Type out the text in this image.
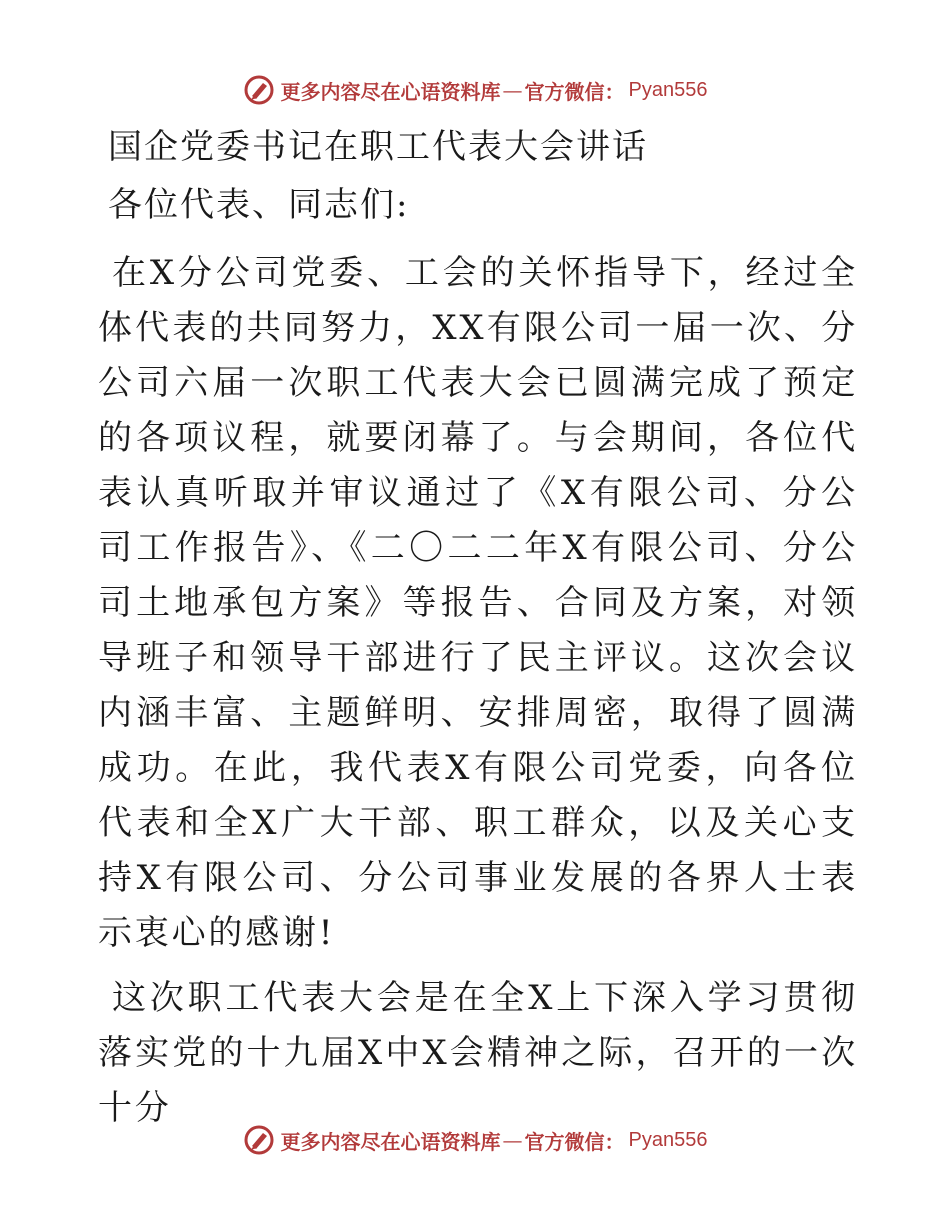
更多内容尽在心语资料库 — 官方微信： Pyan556
国企党委书记在职工代表大会讲话
各位代表、同志们:

在X分公司党委、工会的关怀指导下，经过全体代表的共同努力，XX有限公司一届一次、分公司六届一次职工代表大会已圆满完成了预定的各项议程，就要闭幕了。与会期间，各位代表认真听取并审议通过了《X有限公司、分公司工作报告》、《二〇二二年X有限公司、分公司土地承包方案》等报告、合同及方案，对领导班子和领导干部进行了民主评议。这次会议内涵丰富、主题鲜明、安排周密，取得了圆满成功。在此，我代表X有限公司党委，向各位代表和全X广大干部、职工群众，以及关心支持X有限公司、分公司事业发展的各界人士表示衷心的感谢!

这次职工代表大会是在全X上下深入学习贯彻落实党的十九届X中X会精神之际，召开的一次十分

更多内容尽在心语资料库 — 官方微信： Pyan556
